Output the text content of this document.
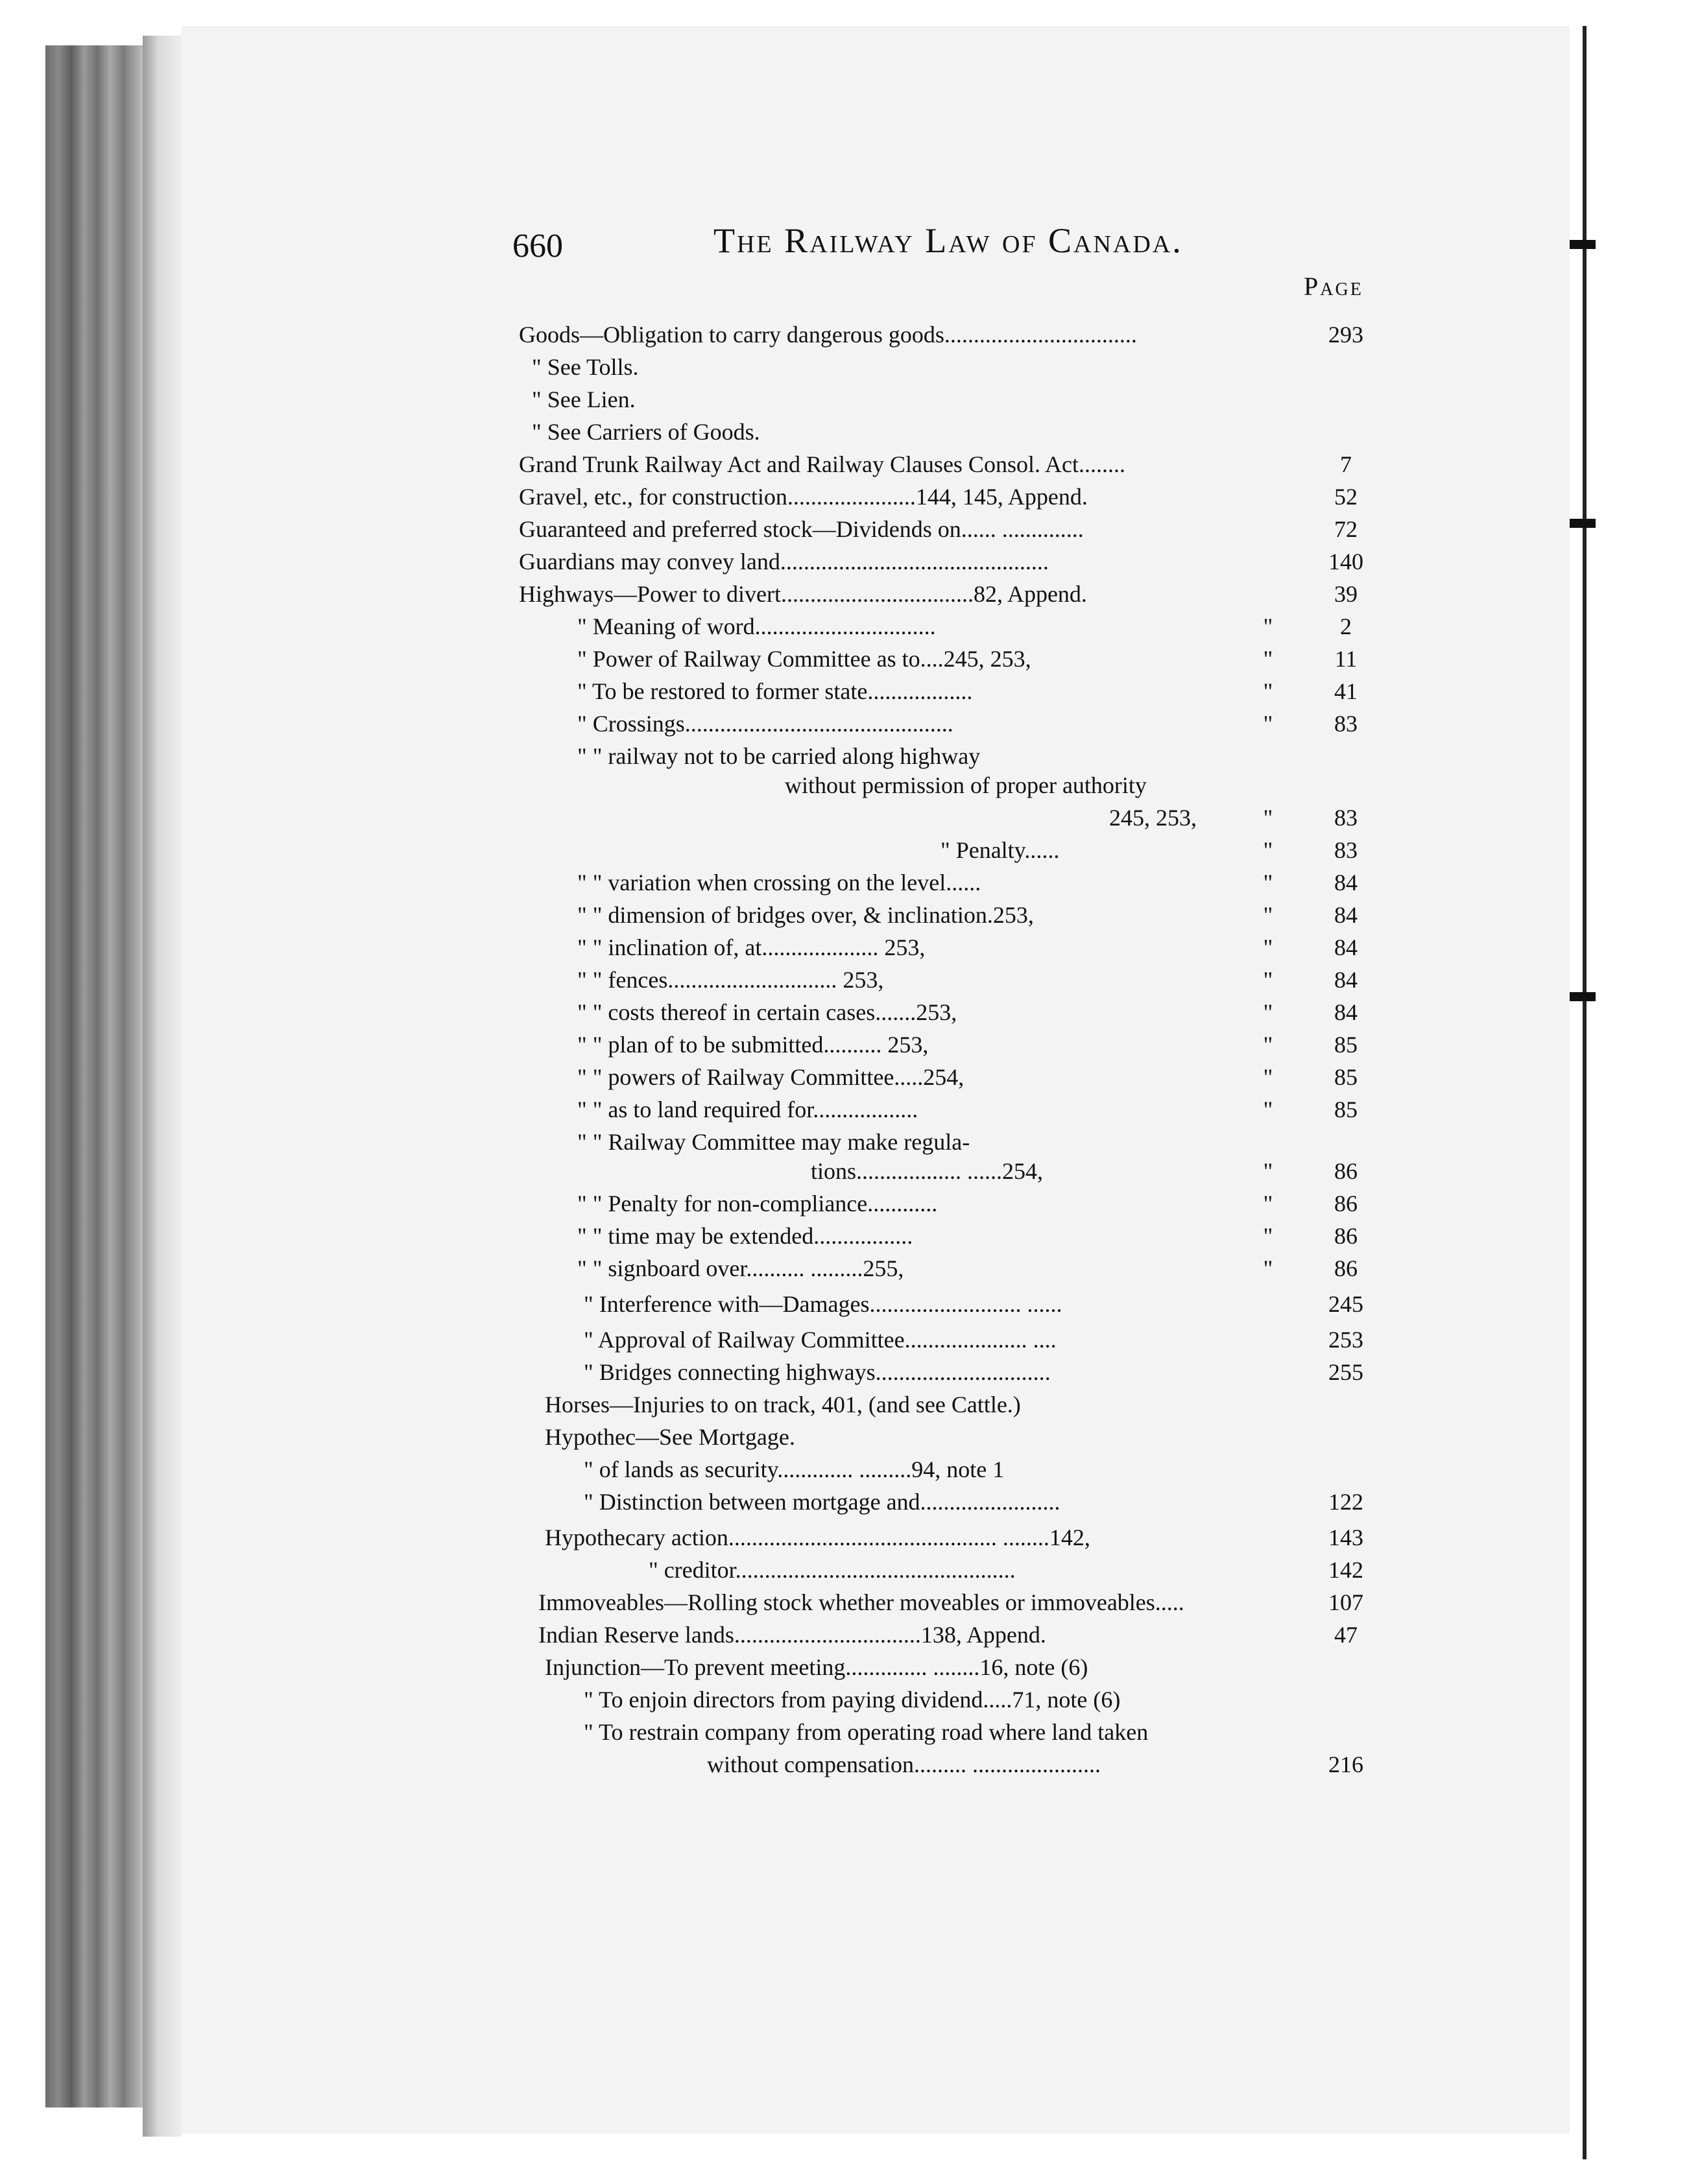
660	The Railway Law of Canada.
Page
Goods—Obligation to carry dangerous goods.................................	293
" See Tolls.
" See Lien.
" See Carriers of Goods.
Grand Trunk Railway Act and Railway Clauses Consol. Act........	7
Gravel, etc., for construction......................144, 145, Append.	52
Guaranteed and preferred stock—Dividends on...... ..............	72
Guardians may convey land..............................................	140
Highways—Power to divert.................................82, Append.	39
" Meaning of word...............................	"	2
" Power of Railway Committee as to....245, 253,	"	11
" To be restored to former state..................	"	41
" Crossings..............................................	"	83
" " railway not to be carried along highway
without permission of proper authority
245, 253,	"	83
" Penalty......	"	83
" " variation when crossing on the level......	"	84
" " dimension of bridges over, & inclination.253,	"	84
" " inclination of, at.................... 253,	"	84
" " fences............................. 253,	"	84
" " costs thereof in certain cases.......253,	"	84
" " plan of to be submitted.......... 253,	"	85
" " powers of Railway Committee.....254,	"	85
" " as to land required for..................	"	85
" " Railway Committee may make regula-
tions.................. ......254,	"	86
" " Penalty for non-compliance............	"	86
" " time may be extended.................	"	86
" " signboard over.......... .........255,	"	86
" Interference with—Damages.......................... ......	245
" Approval of Railway Committee..................... ....	253
" Bridges connecting highways..............................	255
Horses—Injuries to on track, 401, (and see Cattle.)
Hypothec—See Mortgage.
" of lands as security............. .........94, note 1
" Distinction between mortgage and........................	122
Hypothecary action.............................................. ........142,	143
" creditor................................................	142
Immoveables—Rolling stock whether moveables or immoveables.....	107
Indian Reserve lands................................138, Append.	47
Injunction—To prevent meeting.............. ........16, note (6)
" To enjoin directors from paying dividend.....71, note (6)
" To restrain company from operating road where land taken
without compensation......... ......................	216
